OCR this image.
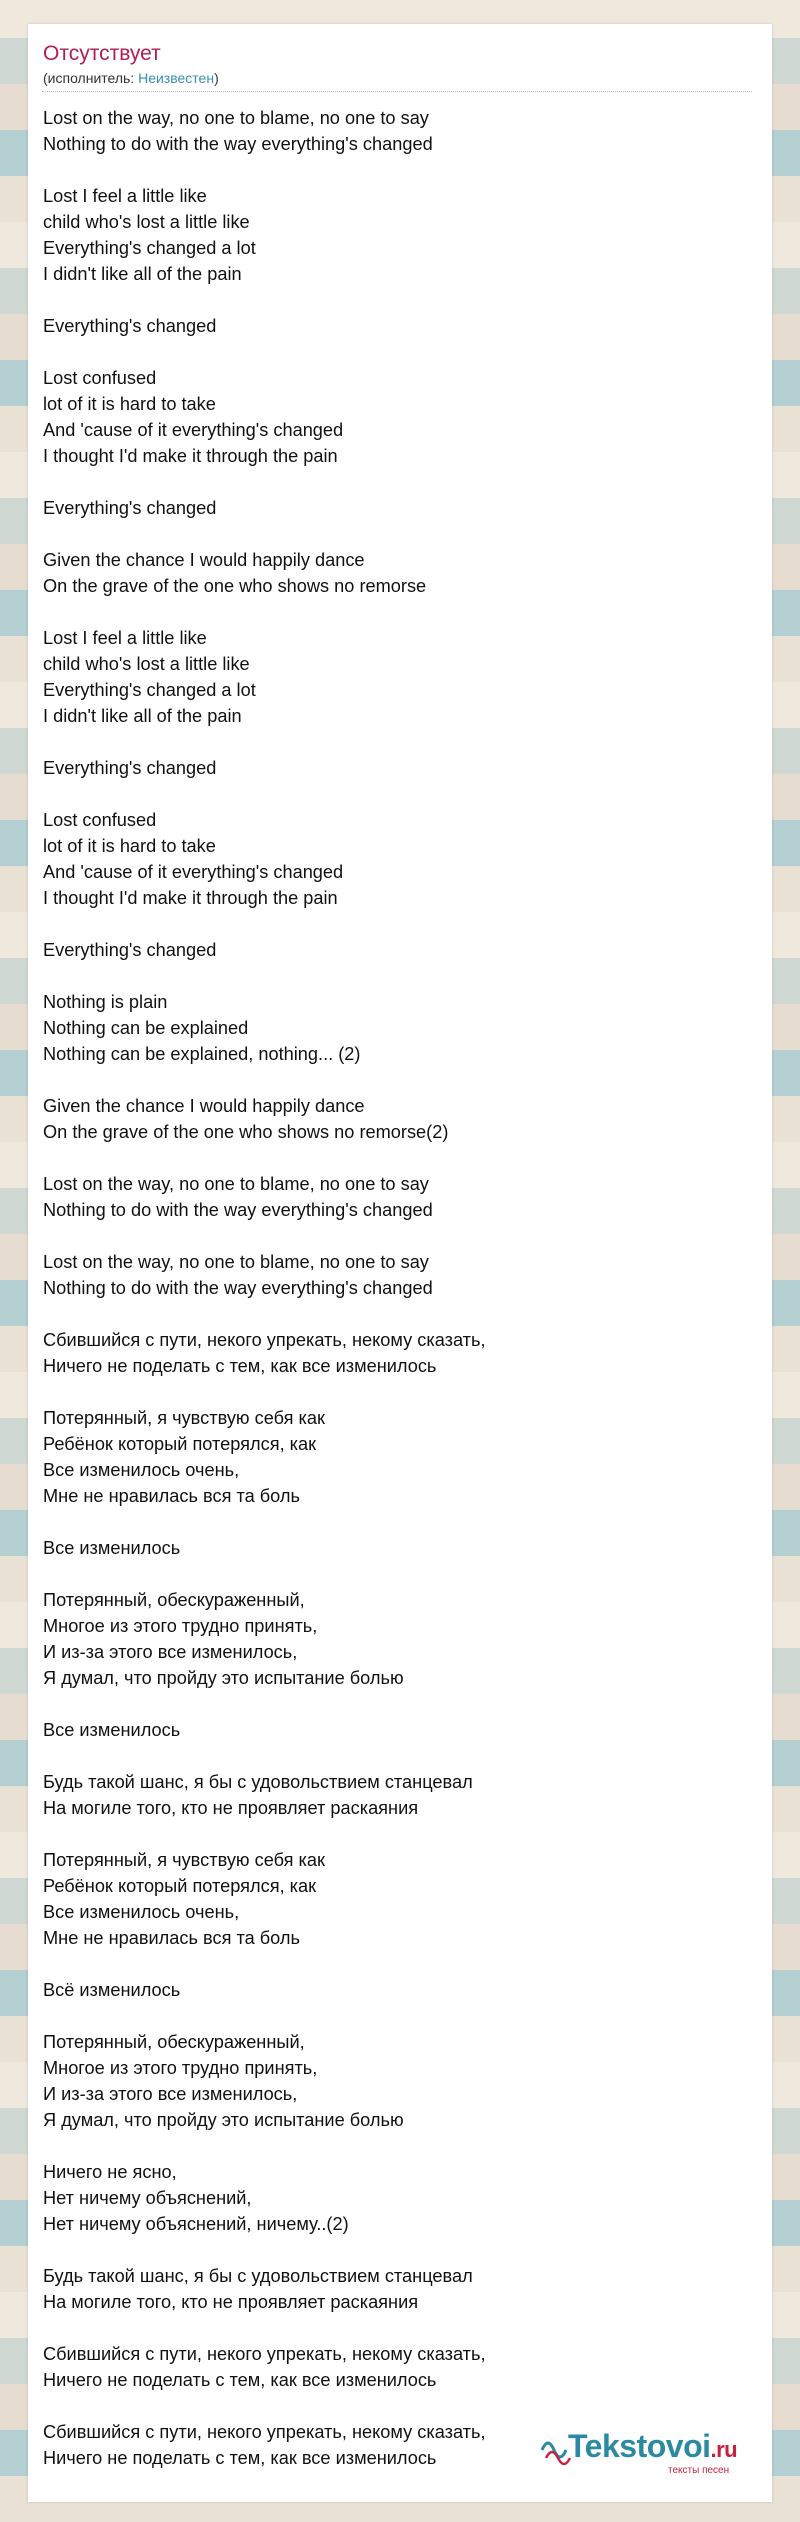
Отсутствует
(исполнитель: Неизвестен)
Lost on the way, no one to blame, no one to say
Nothing to do with the way everything's changed
Lost I feel a little like
child who's lost a little like
Everything's changed a lot
I didn't like all of the pain
Everything's changed
Lost confused
lot of it is hard to take
And 'cause of it everything's changed
I thought I'd make it through the pain
Everything's changed
Given the chance I would happily dance
On the grave of the one who shows no remorse
Lost I feel a little like
child who's lost a little like
Everything's changed a lot
I didn't like all of the pain
Everything's changed
Lost confused
lot of it is hard to take
And 'cause of it everything's changed
I thought I'd make it through the pain
Everything's changed
Nothing is plain
Nothing can be explained
Nothing can be explained, nothing... (2)
Given the chance I would happily dance
On the grave of the one who shows no remorse(2)
Lost on the way, no one to blame, no one to say
Nothing to do with the way everything's changed
Lost on the way, no one to blame, no one to say
Nothing to do with the way everything's changed
Сбившийся с пути, некого упрекать, некому сказать,
Ничего не поделать с тем, как все изменилось
Потерянный, я чувствую себя как
Ребёнок который потерялся, как
Все изменилось очень,
Мне не нравилась вся та боль
Все изменилось
Потерянный, обескураженный,
Многое из этого трудно принять,
И из-за этого все изменилось,
Я думал, что пройду это испытание болью
Все изменилось
Будь такой шанс, я бы с удовольствием станцевал
На могиле того, кто не проявляет раскаяния
Потерянный, я чувствую себя как
Ребёнок который потерялся, как
Все изменилось очень,
Мне не нравилась вся та боль
Всё изменилось
Потерянный, обескураженный,
Многое из этого трудно принять,
И из-за этого все изменилось,
Я думал, что пройду это испытание болью
Ничего не ясно,
Нет ничему объяснений,
Нет ничему объяснений, ничему..(2)
Будь такой шанс, я бы с удовольствием станцевал
На могиле того, кто не проявляет раскаяния
Сбившийся с пути, некого упрекать, некому сказать,
Ничего не поделать с тем, как все изменилось
Сбившийся с пути, некого упрекать, некому сказать,
Ничего не поделать с тем, как все изменилось	Tekstovoi.ru
тексты песен
